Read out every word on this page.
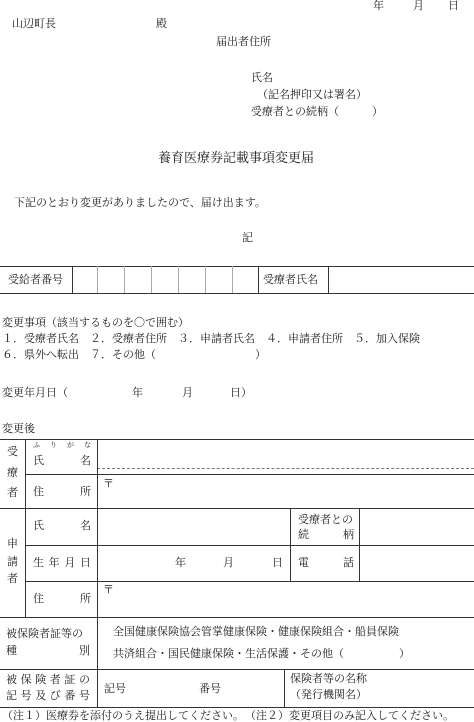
年	月 日
山辺町長	殿
届出者住所
氏名
（記名押印又は署名）
受療者との続柄（　　　）
養育医療券記載事項変更届
下記のとおり変更がありましたので、届け出ます。
記
受給者番号	受療者氏名
変更事項（該当するものを〇で囲む）
１．受療者氏名　２．受療者住所　３．申請者氏名　４．申請者住所　５．加入保険
６．県外へ転出　７．その他（　　　　　　　　　）
変更年月日（	年	月	日）
変更後
受
療
者
申
請
者
ふ り が な
氏	名
住	所
〒
氏	名	受療者との
続	柄
生 年 月 日	年	月	日 電	話
〒
住	所
被保険者証等の
種	別
全国健康保険協会管掌健康保険・健康保険組合・船員保険
共済組合・国民健康保険・生活保護・その他（　　　　　）
被 保 険 者 証 の
記 号 及 び 番 号
記号	番号
保険者等の名称
（発行機関名）
（注１）医療券を添付のうえ提出してください。 （注２）変更項目のみ記入してください。
